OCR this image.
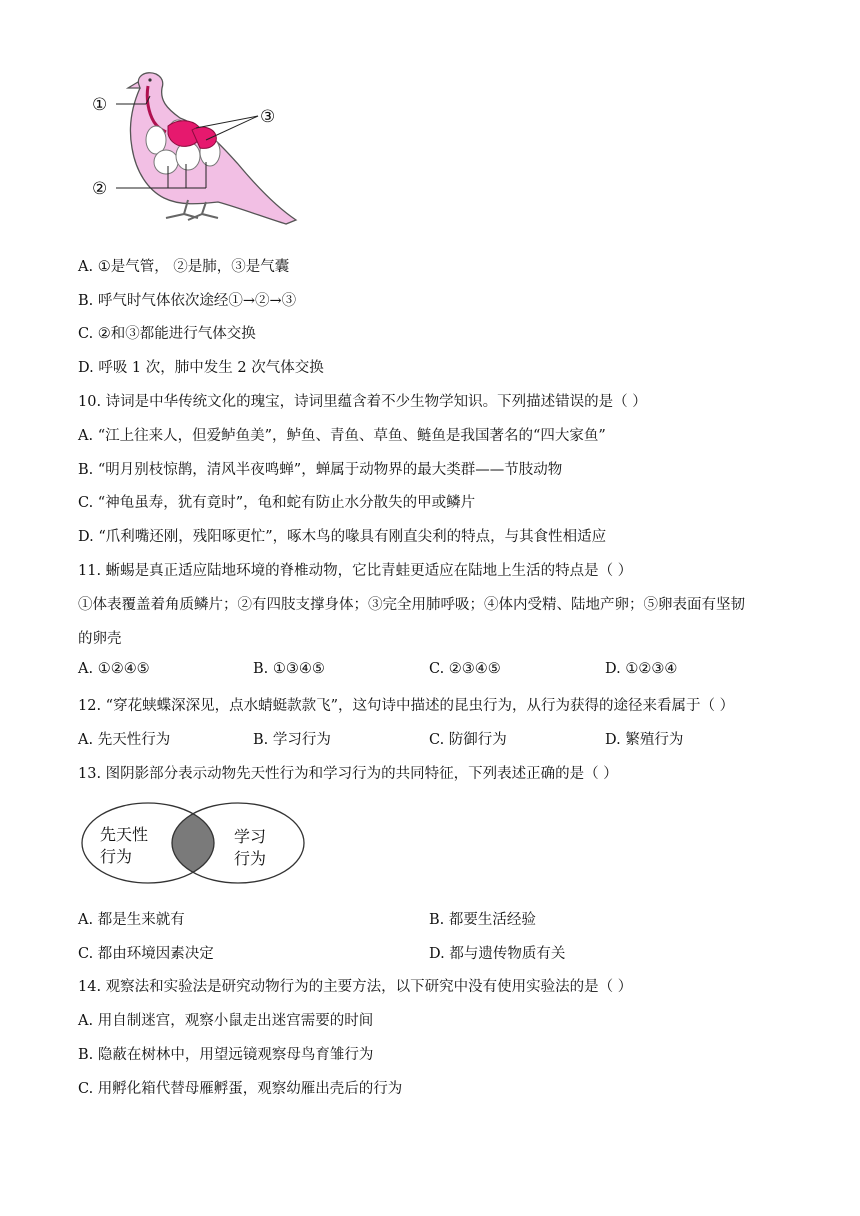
①
③
②
A. ①是气管， ②是肺，③是气囊
B. 呼气时气体依次途经①→②→③
C. ②和③都能进行气体交换
D. 呼吸 1 次，肺中发生 2 次气体交换
10. 诗词是中华传统文化的瑰宝，诗词里蕴含着不少生物学知识。下列描述错误的是（ ）
A. “江上往来人，但爱鲈鱼美”，鲈鱼、青鱼、草鱼、鲢鱼是我国著名的“四大家鱼”
B. “明月别枝惊鹊，清风半夜鸣蝉”，蝉属于动物界的最大类群——节肢动物
C. “神龟虽寿，犹有竟时”，龟和蛇有防止水分散失的甲或鳞片
D. “爪利嘴还刚，残阳啄更忙”，啄木鸟的喙具有刚直尖利的特点，与其食性相适应
11. 蜥蜴是真正适应陆地环境的脊椎动物，它比青蛙更适应在陆地上生活的特点是（ ）
①体表覆盖着角质鳞片；②有四肢支撑身体；③完全用肺呼吸；④体内受精、陆地产卵；⑤卵表面有坚韧
的卵壳
A. ①②④⑤	B. ①③④⑤	C. ②③④⑤	D. ①②③④
12. “穿花蛱蝶深深见，点水蜻蜓款款飞”，这句诗中描述的昆虫行为，从行为获得的途径来看属于（ ）
A. 先天性行为	B. 学习行为	C. 防御行为	D. 繁殖行为
13. 图阴影部分表示动物先天性行为和学习行为的共同特征，下列表述正确的是（ ）
先天性
行为
学习
行为
A. 都是生来就有	B. 都要生活经验
C. 都由环境因素决定	D. 都与遗传物质有关
14. 观察法和实验法是研究动物行为的主要方法，以下研究中没有使用实验法的是（ ）
A. 用自制迷宫，观察小鼠走出迷宫需要的时间
B. 隐蔽在树林中，用望远镜观察母鸟育雏行为
C. 用孵化箱代替母雁孵蛋，观察幼雁出壳后的行为
